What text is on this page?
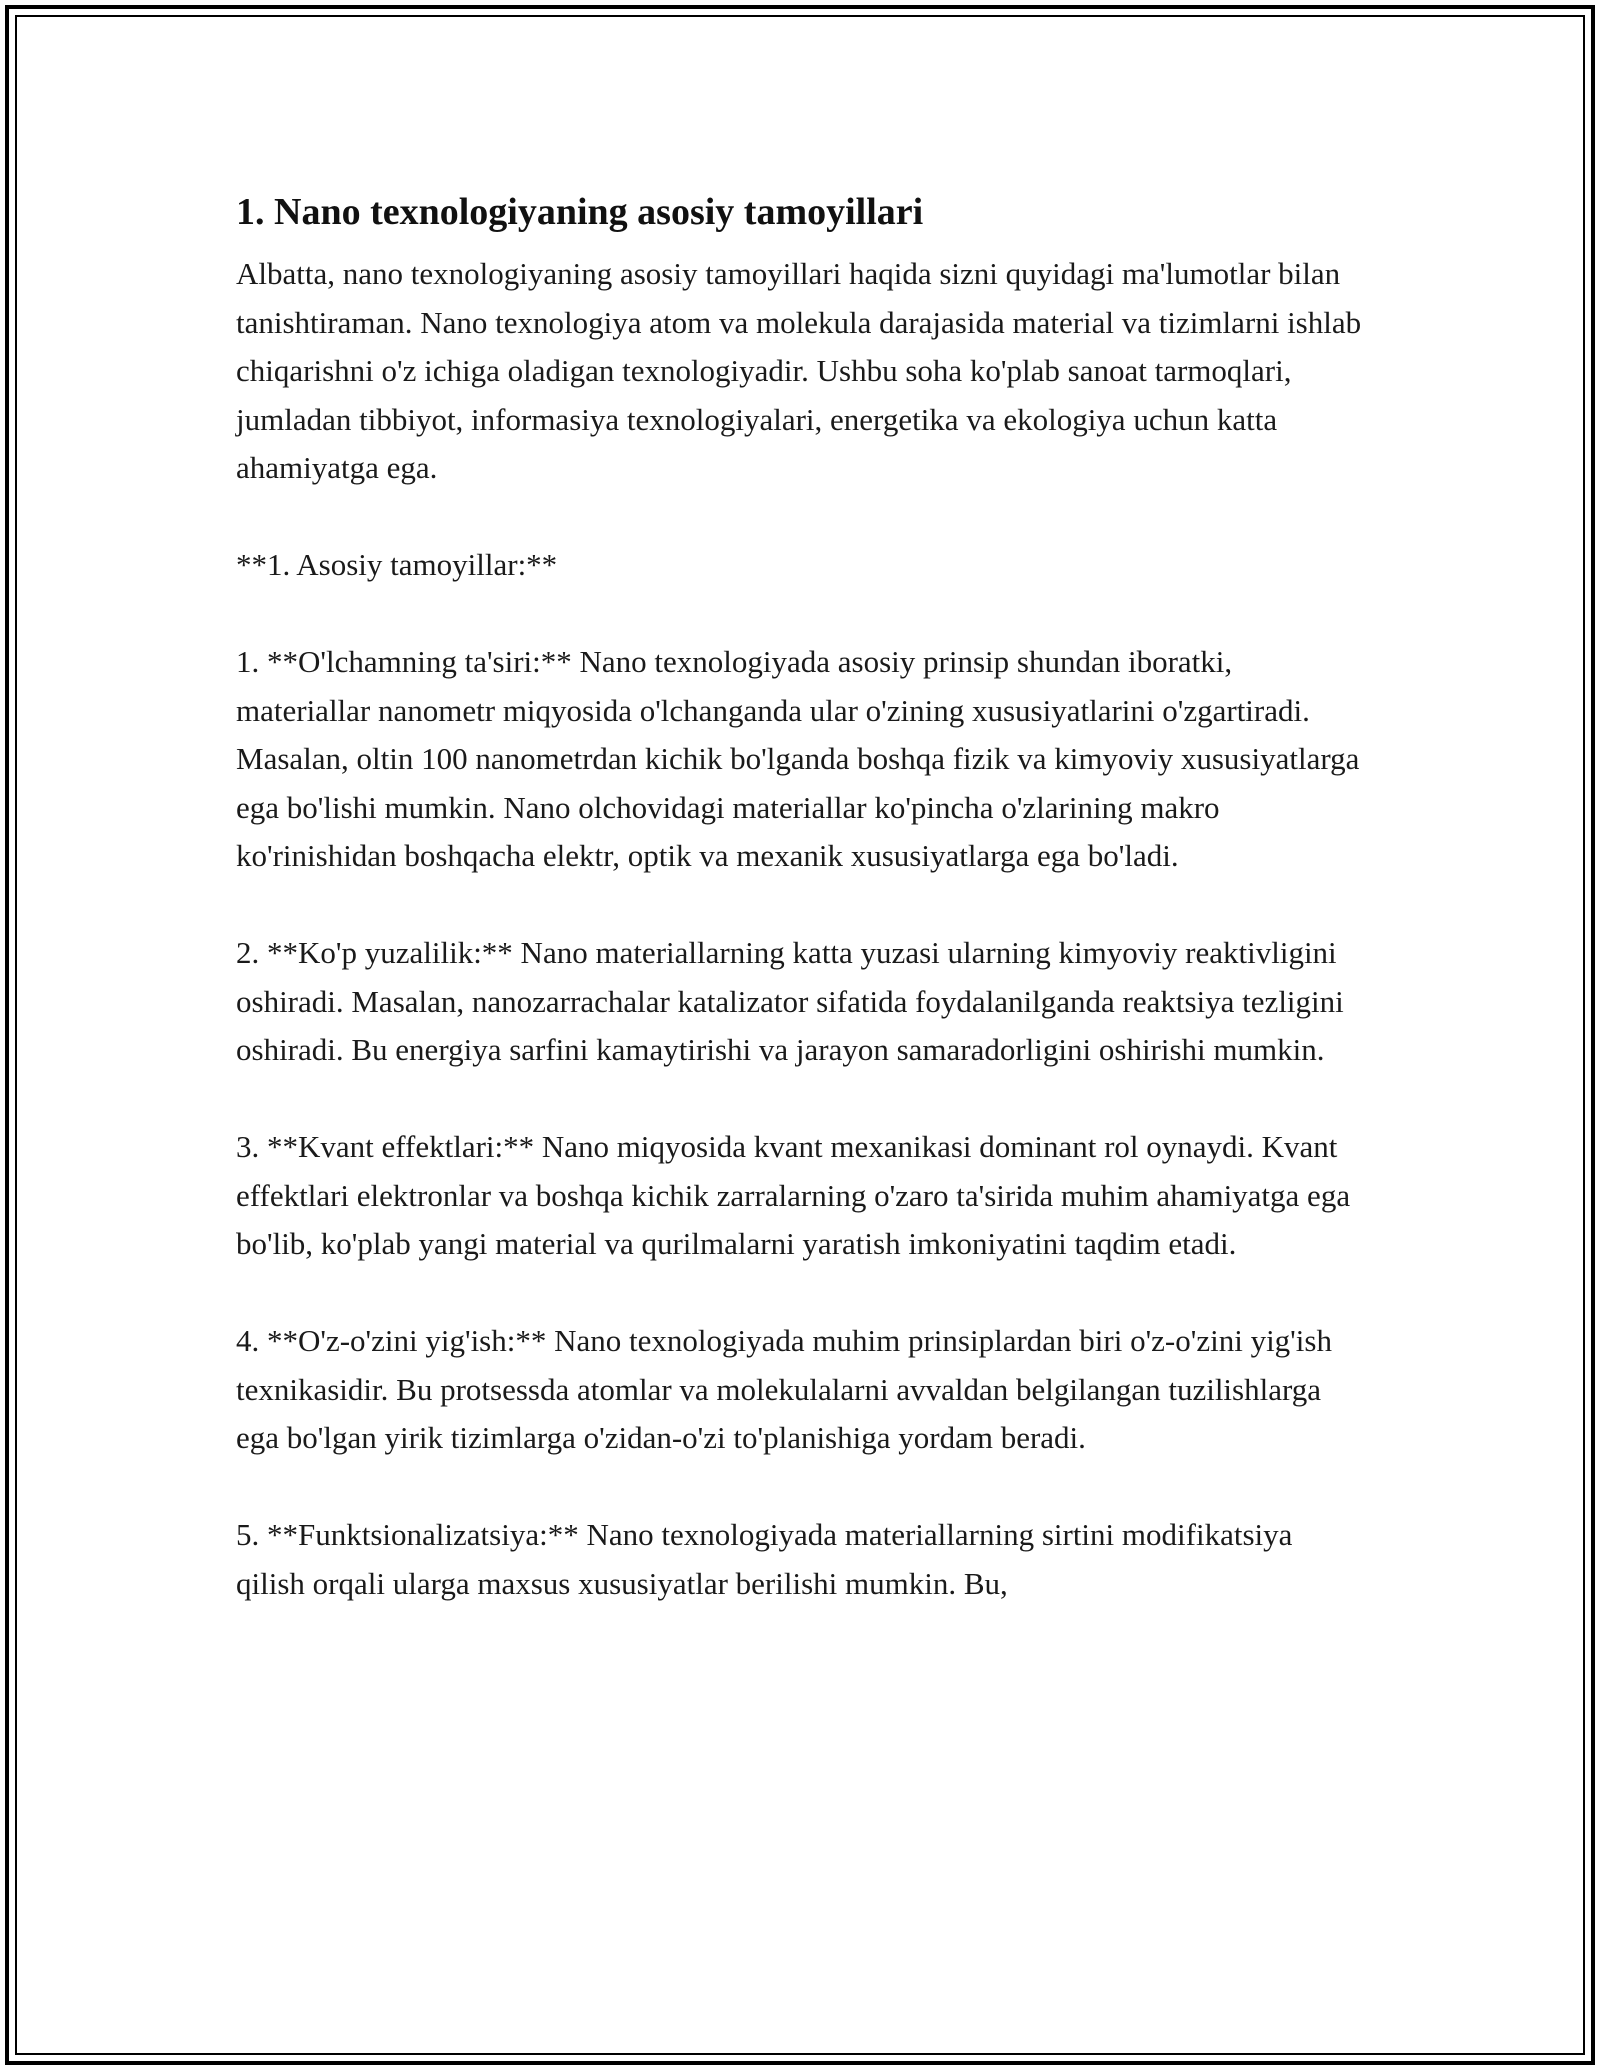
1. Nano texnologiyaning asosiy tamoyillari

Albatta, nano texnologiyaning asosiy tamoyillari haqida sizni quyidagi ma'lumotlar bilan tanishtiraman. Nano texnologiya atom va molekula darajasida material va tizimlarni ishlab chiqarishni o'z ichiga oladigan texnologiyadir. Ushbu soha ko'plab sanoat tarmoqlari, jumladan tibbiyot, informasiya texnologiyalari, energetika va ekologiya uchun katta ahamiyatga ega.

**1. Asosiy tamoyillar:**

1. **O'lchamning ta'siri:** Nano texnologiyada asosiy prinsip shundan iboratki, materiallar nanometr miqyosida o'lchanganda ular o'zining xususiyatlarini o'zgartiradi. Masalan, oltin 100 nanometrdan kichik bo'lganda boshqa fizik va kimyoviy xususiyatlarga ega bo'lishi mumkin. Nano olchovidagi materiallar ko'pincha o'zlarining makro ko'rinishidan boshqacha elektr, optik va mexanik xususiyatlarga ega bo'ladi.

2. **Ko'p yuzalilik:** Nano materiallarning katta yuzasi ularning kimyoviy reaktivligini oshiradi. Masalan, nanozarrachalar katalizator sifatida foydalanilganda reaktsiya tezligini oshiradi. Bu energiya sarfini kamaytirishi va jarayon samaradorligini oshirishi mumkin.

3. **Kvant effektlari:** Nano miqyosida kvant mexanikasi dominant rol oynaydi. Kvant effektlari elektronlar va boshqa kichik zarralarning o'zaro ta'sirida muhim ahamiyatga ega bo'lib, ko'plab yangi material va qurilmalarni yaratish imkoniyatini taqdim etadi.

4. **O'z-o'zini yig'ish:** Nano texnologiyada muhim prinsiplardan biri o'z-o'zini yig'ish texnikasidir. Bu protsessda atomlar va molekulalarni avvaldan belgilangan tuzilishlarga ega bo'lgan yirik tizimlarga o'zidan-o'zi to'planishiga yordam beradi.

5. **Funktsionalizatsiya:** Nano texnologiyada materiallarning sirtini modifikatsiya qilish orqali ularga maxsus xususiyatlar berilishi mumkin. Bu,
